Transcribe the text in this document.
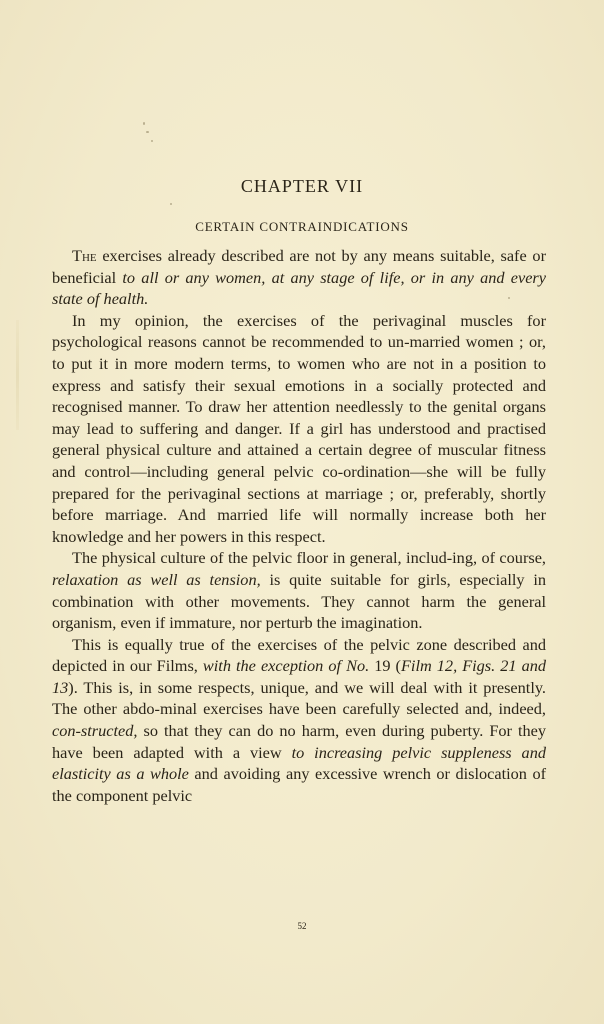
CHAPTER VII
CERTAIN CONTRAINDICATIONS

The exercises already described are not by any means suitable, safe or beneficial to all or any women, at any stage of life, or in any and every state of health.

In my opinion, the exercises of the perivaginal muscles for psychological reasons cannot be recommended to un-married women ; or, to put it in more modern terms, to women who are not in a position to express and satisfy their sexual emotions in a socially protected and recognised manner. To draw her attention needlessly to the genital organs may lead to suffering and danger. If a girl has understood and practised general physical culture and attained a certain degree of muscular fitness and control—including general pelvic co-ordination—she will be fully prepared for the perivaginal sections at marriage ; or, preferably, shortly before marriage. And married life will normally increase both her knowledge and her powers in this respect.

The physical culture of the pelvic floor in general, includ-ing, of course, relaxation as well as tension, is quite suitable for girls, especially in combination with other movements. They cannot harm the general organism, even if immature, nor perturb the imagination.

This is equally true of the exercises of the pelvic zone described and depicted in our Films, with the exception of No. 19 (Film 12, Figs. 21 and 13). This is, in some respects, unique, and we will deal with it presently. The other abdo-minal exercises have been carefully selected and, indeed, con-structed, so that they can do no harm, even during puberty. For they have been adapted with a view to increasing pelvic suppleness and elasticity as a whole and avoiding any excessive wrench or dislocation of the component pelvic

52
